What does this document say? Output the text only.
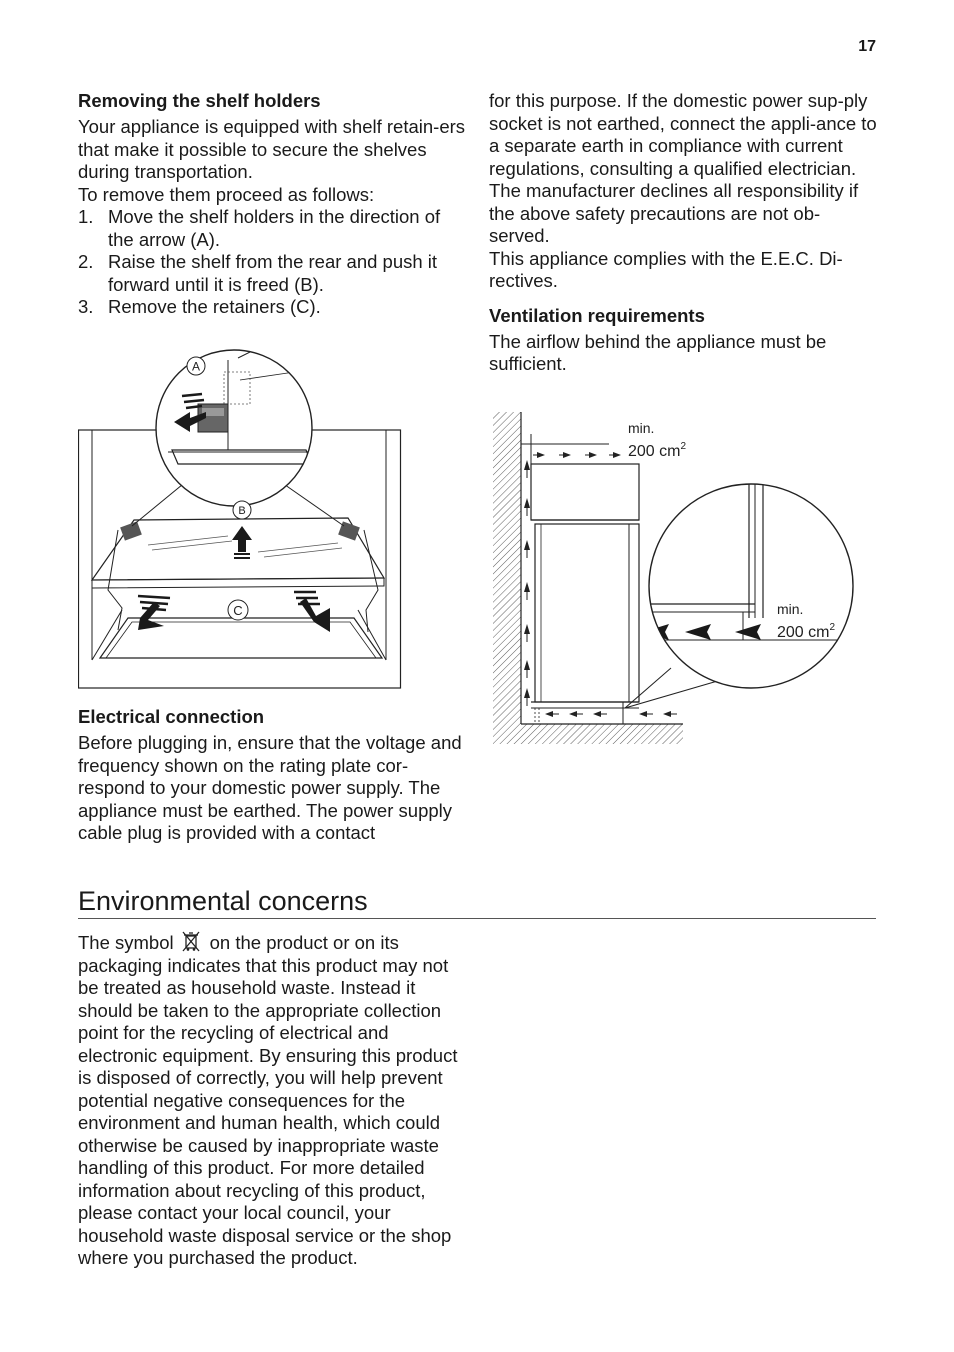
17
Removing the shelf holders

Your appliance is equipped with shelf retain-ers that make it possible to secure the shelves during transportation.

To remove them proceed as follows:

1. Move the shelf holders in the direction of the arrow (A).
2. Raise the shelf from the rear and push it forward until it is freed (B).
3. Remove the retainers (C).
A
B
C
Electrical connection

Before plugging in, ensure that the voltage and frequency shown on the rating plate cor-respond to your domestic power supply. The appliance must be earthed. The power supply cable plug is provided with a contact

for this purpose. If the domestic power sup-ply socket is not earthed, connect the appli-ance to a separate earth in compliance with current regulations, consulting a qualified electrician.

The manufacturer declines all responsibility if the above safety precautions are not ob-served.

This appliance complies with the E.E.C. Di-rectives.

Ventilation requirements

The airflow behind the appliance must be sufficient.

min.
200 $cm^2$
min.
200 $cm^2$
Environmental concerns
The symbol on the product or on its packaging indicates that this product may not be treated as household waste. Instead it should be taken to the appropriate collection point for the recycling of electrical and electronic equipment. By ensuring this product is disposed of correctly, you will help prevent potential negative consequences for the environment and human health, which could otherwise be caused by inappropriate waste handling of this product. For more detailed information about recycling of this product, please contact your local council, your household waste disposal service or the shop where you purchased the product.
